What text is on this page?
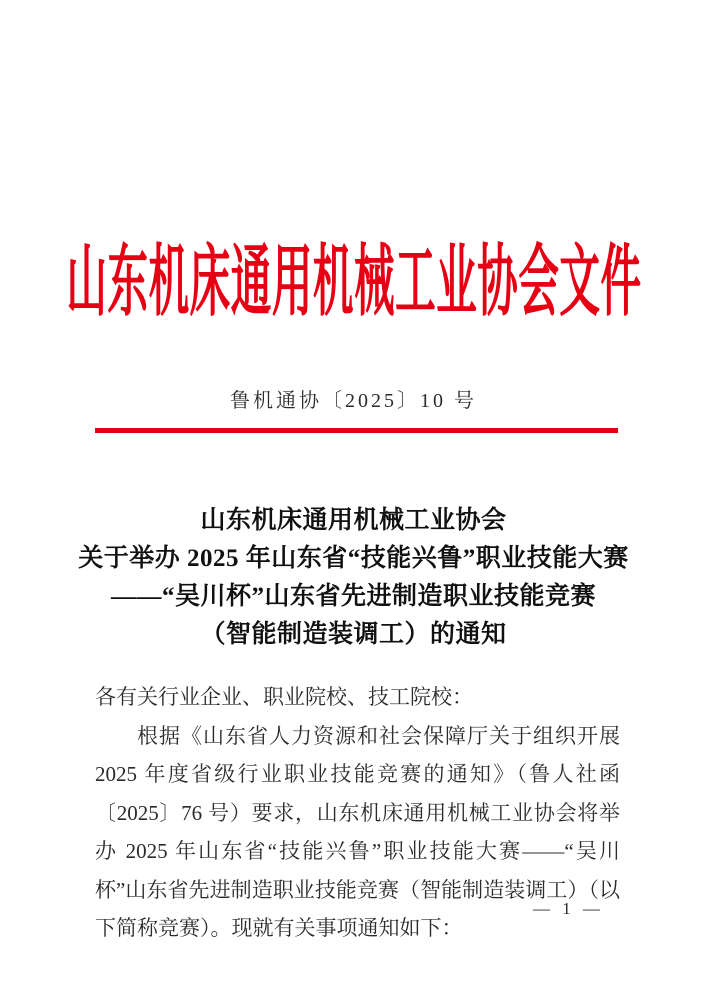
山东机床通用机械工业协会文件
鲁机通协〔2025〕10 号
山东机床通用机械工业协会
关于举办 2025 年山东省“技能兴鲁”职业技能大赛
——“吴川杯”山东省先进制造职业技能竞赛
（智能制造装调工）的通知

各有关行业企业、职业院校、技工院校：

根据《山东省人力资源和社会保障厅关于组织开展 2025 年度省级行业职业技能竞赛的通知》（鲁人社函〔2025〕76 号）要求，山东机床通用机械工业协会将举办 2025 年山东省“技能兴鲁”职业技能大赛——“吴川杯”山东省先进制造职业技能竞赛（智能制造装调工）（以下简称竞赛）。现就有关事项通知如下：

— 1 —
